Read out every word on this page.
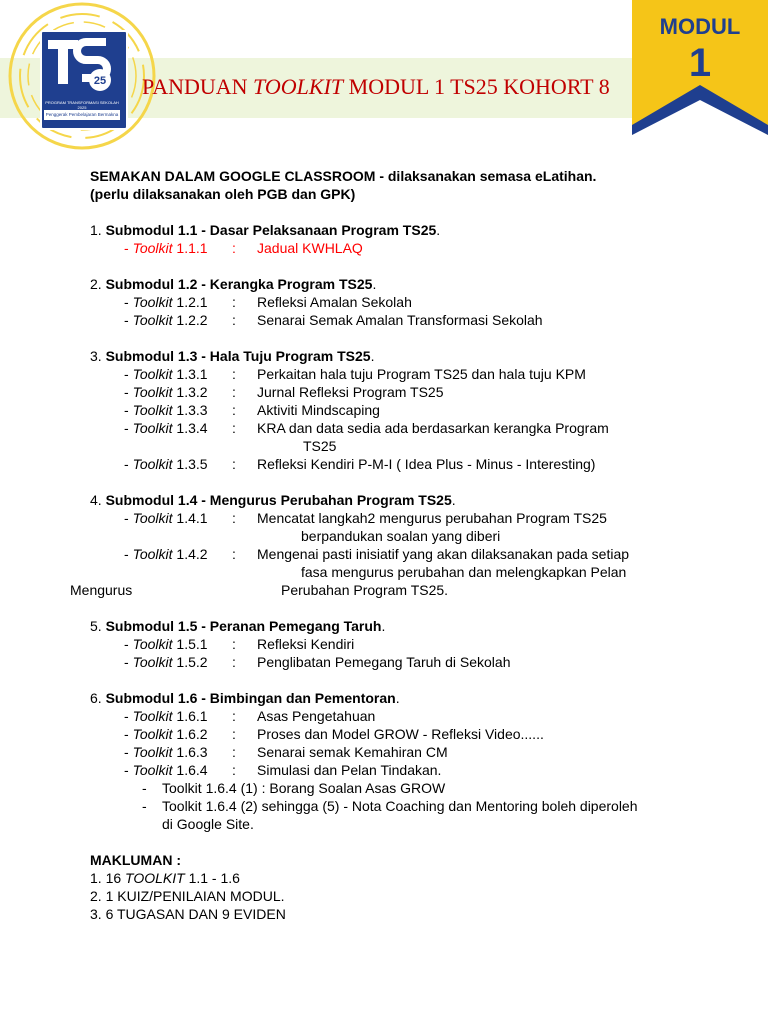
25
PROGRAM TRANSFORMASI SEKOLAH 2025
Penggerak Pembelajaran Bermakna
PANDUAN TOOLKIT MODUL 1 TS25 KOHORT 8
MODUL
1
SEMAKAN DALAM GOOGLE CLASSROOM - dilaksanakan semasa eLatihan.
(perlu dilaksanakan oleh PGB dan GPK)
1. Submodul 1.1 - Dasar Pelaksanaan Program TS25.
- Toolkit 1.1.1 : Jadual KWHLAQ
2. Submodul 1.2 - Kerangka Program TS25.
- Toolkit 1.2.1 : Refleksi Amalan Sekolah
- Toolkit 1.2.2 : Senarai Semak Amalan Transformasi Sekolah
3. Submodul 1.3 - Hala Tuju Program TS25.
- Toolkit 1.3.1 : Perkaitan hala tuju Program TS25 dan hala tuju KPM
- Toolkit 1.3.2 : Jurnal Refleksi Program TS25
- Toolkit 1.3.3 : Aktiviti Mindscaping
- Toolkit 1.3.4 : KRA dan data sedia ada berdasarkan kerangka Program
TS25
- Toolkit 1.3.5 : Refleksi Kendiri P-M-I ( Idea Plus - Minus - Interesting)
4. Submodul 1.4 - Mengurus Perubahan Program TS25.
- Toolkit 1.4.1 : Mencatat langkah2 mengurus perubahan Program TS25
berpandukan soalan yang diberi
- Toolkit 1.4.2 : Mengenai pasti inisiatif yang akan dilaksanakan pada setiap
fasa mengurus perubahan dan melengkapkan Pelan
Mengurus	Perubahan Program TS25.
5. Submodul 1.5 - Peranan Pemegang Taruh.
- Toolkit 1.5.1 : Refleksi Kendiri
- Toolkit 1.5.2 : Penglibatan Pemegang Taruh di Sekolah
6. Submodul 1.6 - Bimbingan dan Pementoran.
- Toolkit 1.6.1 : Asas Pengetahuan
- Toolkit 1.6.2 : Proses dan Model GROW - Refleksi Video......
- Toolkit 1.6.3 : Senarai semak Kemahiran CM
- Toolkit 1.6.4 : Simulasi dan Pelan Tindakan.
- Toolkit 1.6.4 (1) : Borang Soalan Asas GROW
- Toolkit 1.6.4 (2) sehingga (5) - Nota Coaching dan Mentoring boleh diperoleh
di Google Site.
MAKLUMAN :
1. 16 TOOLKIT 1.1 - 1.6
2. 1 KUIZ/PENILAIAN MODUL.
3. 6 TUGASAN DAN 9 EVIDEN
